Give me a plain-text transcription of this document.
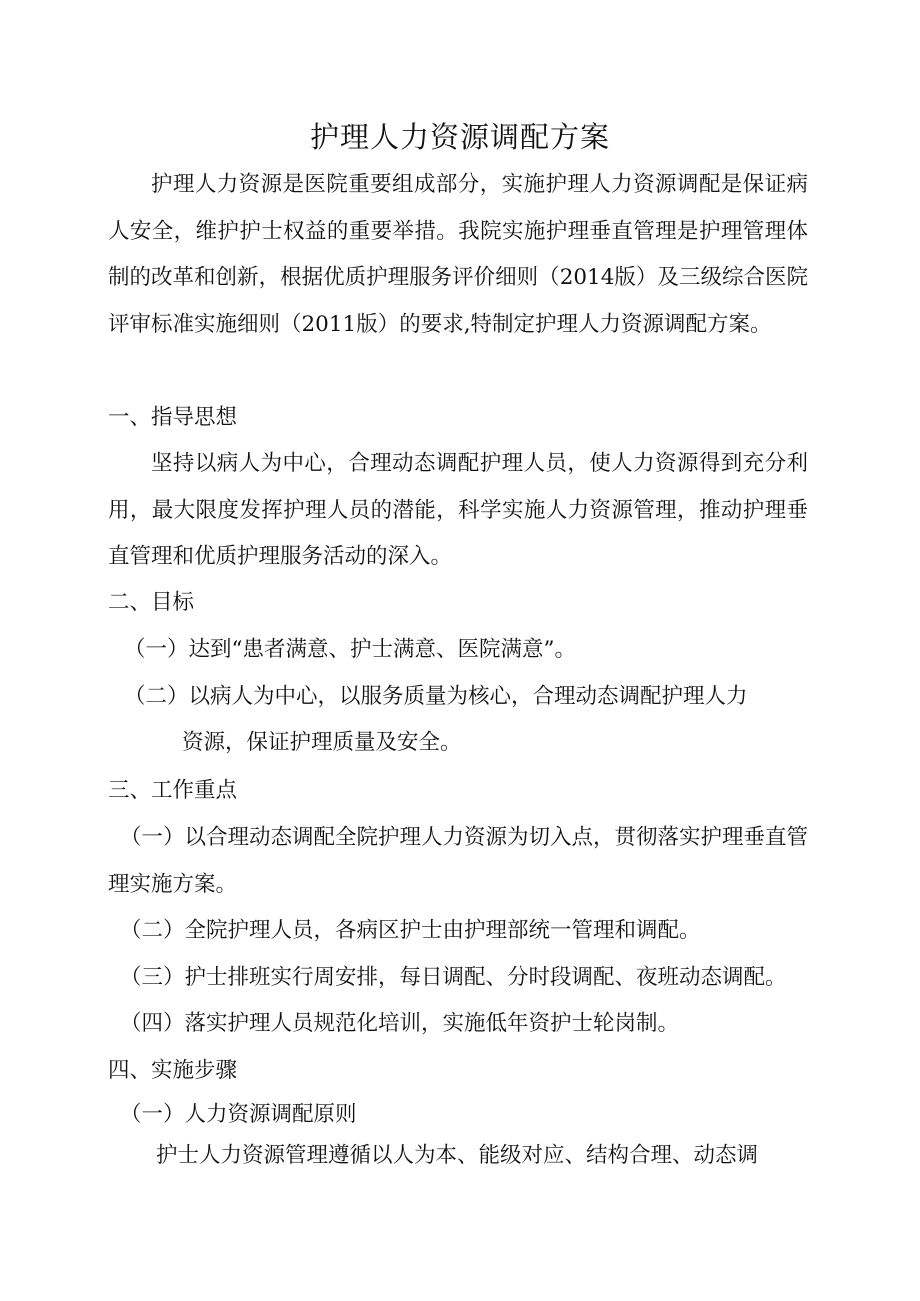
护理人力资源调配方案

护理人力资源是医院重要组成部分，实施护理人力资源调配是保证病人安全，维护护士权益的重要举措。我院实施护理垂直管理是护理管理体制的改革和创新，根据优质护理服务评价细则（2014版）及三级综合医院评审标准实施细则（2011版）的要求,特制定护理人力资源调配方案。

一、指导思想

坚持以病人为中心，合理动态调配护理人员，使人力资源得到充分利用，最大限度发挥护理人员的潜能，科学实施人力资源管理，推动护理垂直管理和优质护理服务活动的深入。

二、目标

（一）达到“患者满意、护士满意、医院满意”。

（二）以病人为中心，以服务质量为核心，合理动态调配护理人力

资源，保证护理质量及安全。

三、工作重点

（一）以合理动态调配全院护理人力资源为切入点，贯彻落实护理垂直管理实施方案。

（二）全院护理人员，各病区护士由护理部统一管理和调配。

（三）护士排班实行周安排，每日调配、分时段调配、夜班动态调配。

（四）落实护理人员规范化培训，实施低年资护士轮岗制。

四、实施步骤

（一）人力资源调配原则

护士人力资源管理遵循以人为本、能级对应、结构合理、动态调
